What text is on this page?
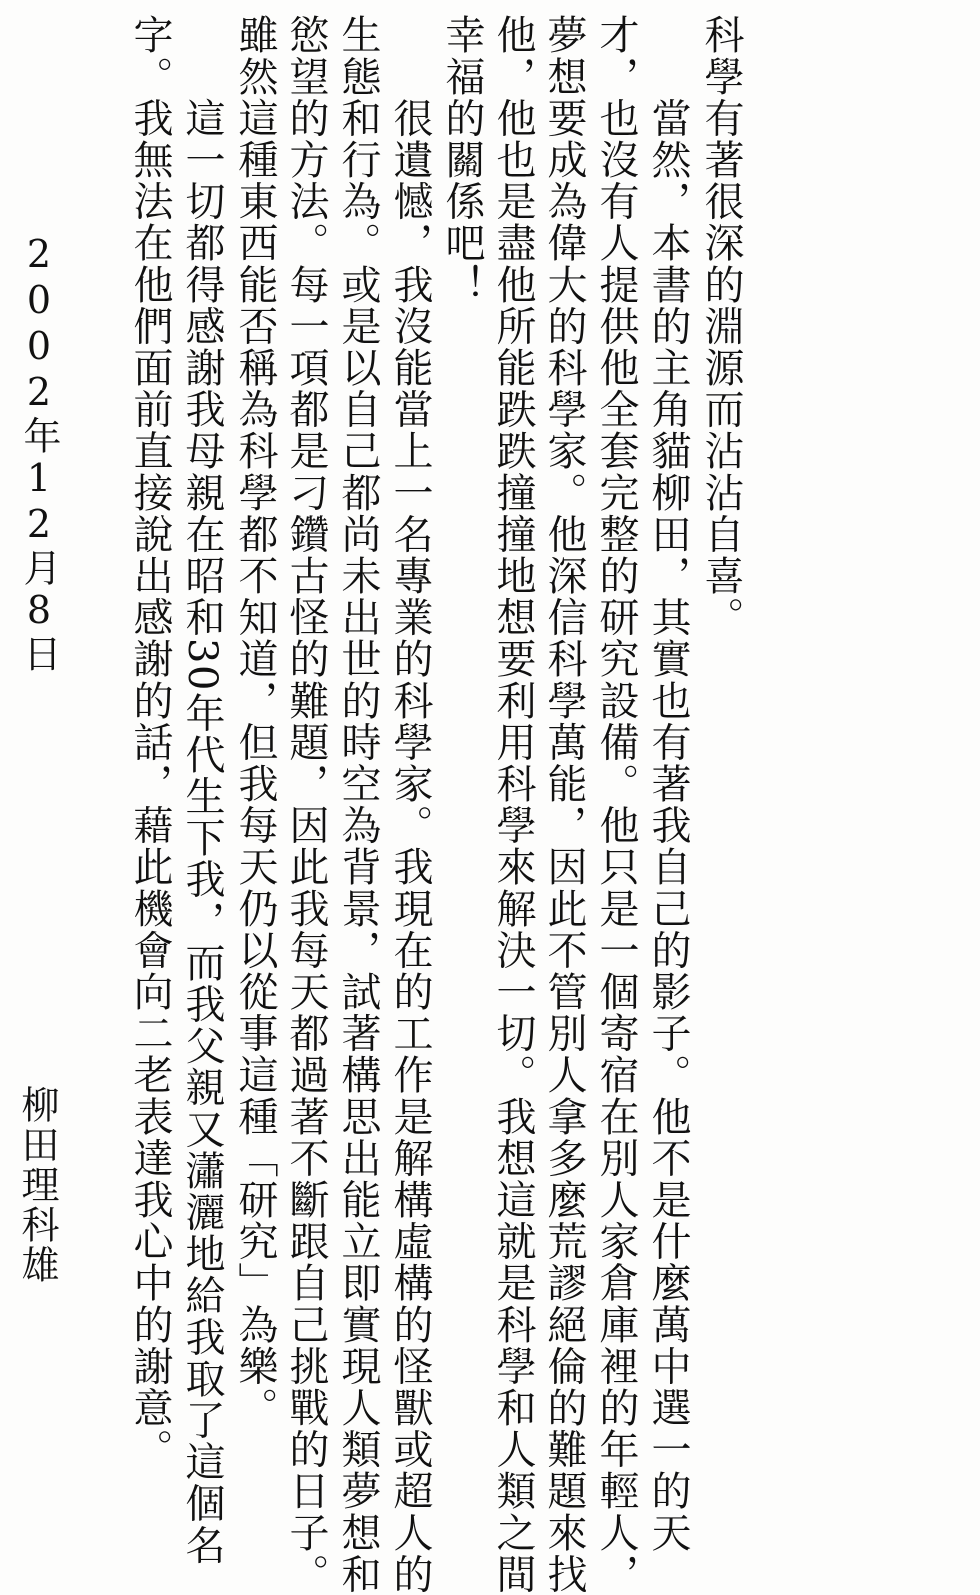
科學有著很深的淵源而沾沾自喜。

　　當然，本書的主角貓柳田，其實也有著我自己的影子。他不是什麼萬中選一的天

才，也沒有人提供他全套完整的研究設備。他只是一個寄宿在別人家倉庫裡的年輕人，

夢想要成為偉大的科學家。他深信科學萬能，因此不管別人拿多麼荒謬絕倫的難題來找

他，他也是盡他所能跌跌撞撞地想要利用科學來解決一切。我想這就是科學和人類之間

幸福的關係吧！

　　很遺憾，我沒能當上一名專業的科學家。我現在的工作是解構虛構的怪獸或超人的

生態和行為。或是以自己都尚未出世的時空為背景，試著構思出能立即實現人類夢想和

慾望的方法。每一項都是刁鑽古怪的難題，因此我每天都過著不斷跟自己挑戰的日子。

雖然這種東西能否稱為科學都不知道，但我每天仍以從事這種「研究」為樂。

　　這一切都得感謝我母親在昭和30年代生下我，而我父親又瀟灑地給我取了這個名

字。我無法在他們面前直接說出感謝的話，藉此機會向二老表達我心中的謝意。

2002年12月8日

柳田理科雄
